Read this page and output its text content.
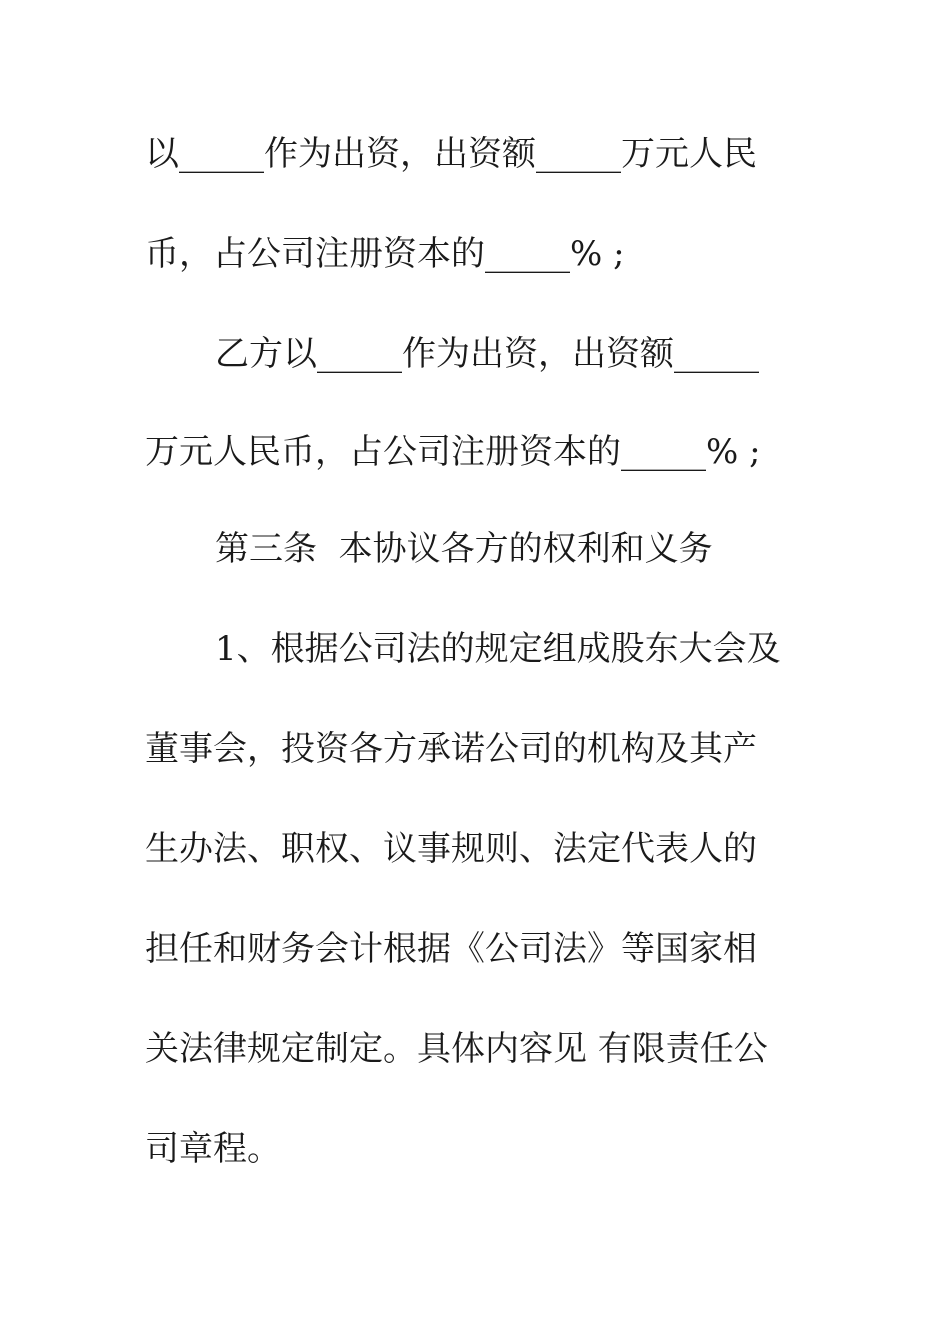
以_____作为出资，出资额_____万元人民

币，占公司注册资本的_____% ;

乙方以_____作为出资，出资额_____

万元人民币，占公司注册资本的_____% ;

第三条  本协议各方的权利和义务

1、根据公司法的规定组成股东大会及

董事会，投资各方承诺公司的机构及其产

生办法、职权、议事规则、法定代表人的

担任和财务会计根据《公司法》等国家相

关法律规定制定。具体内容见 有限责任公

司章程。
